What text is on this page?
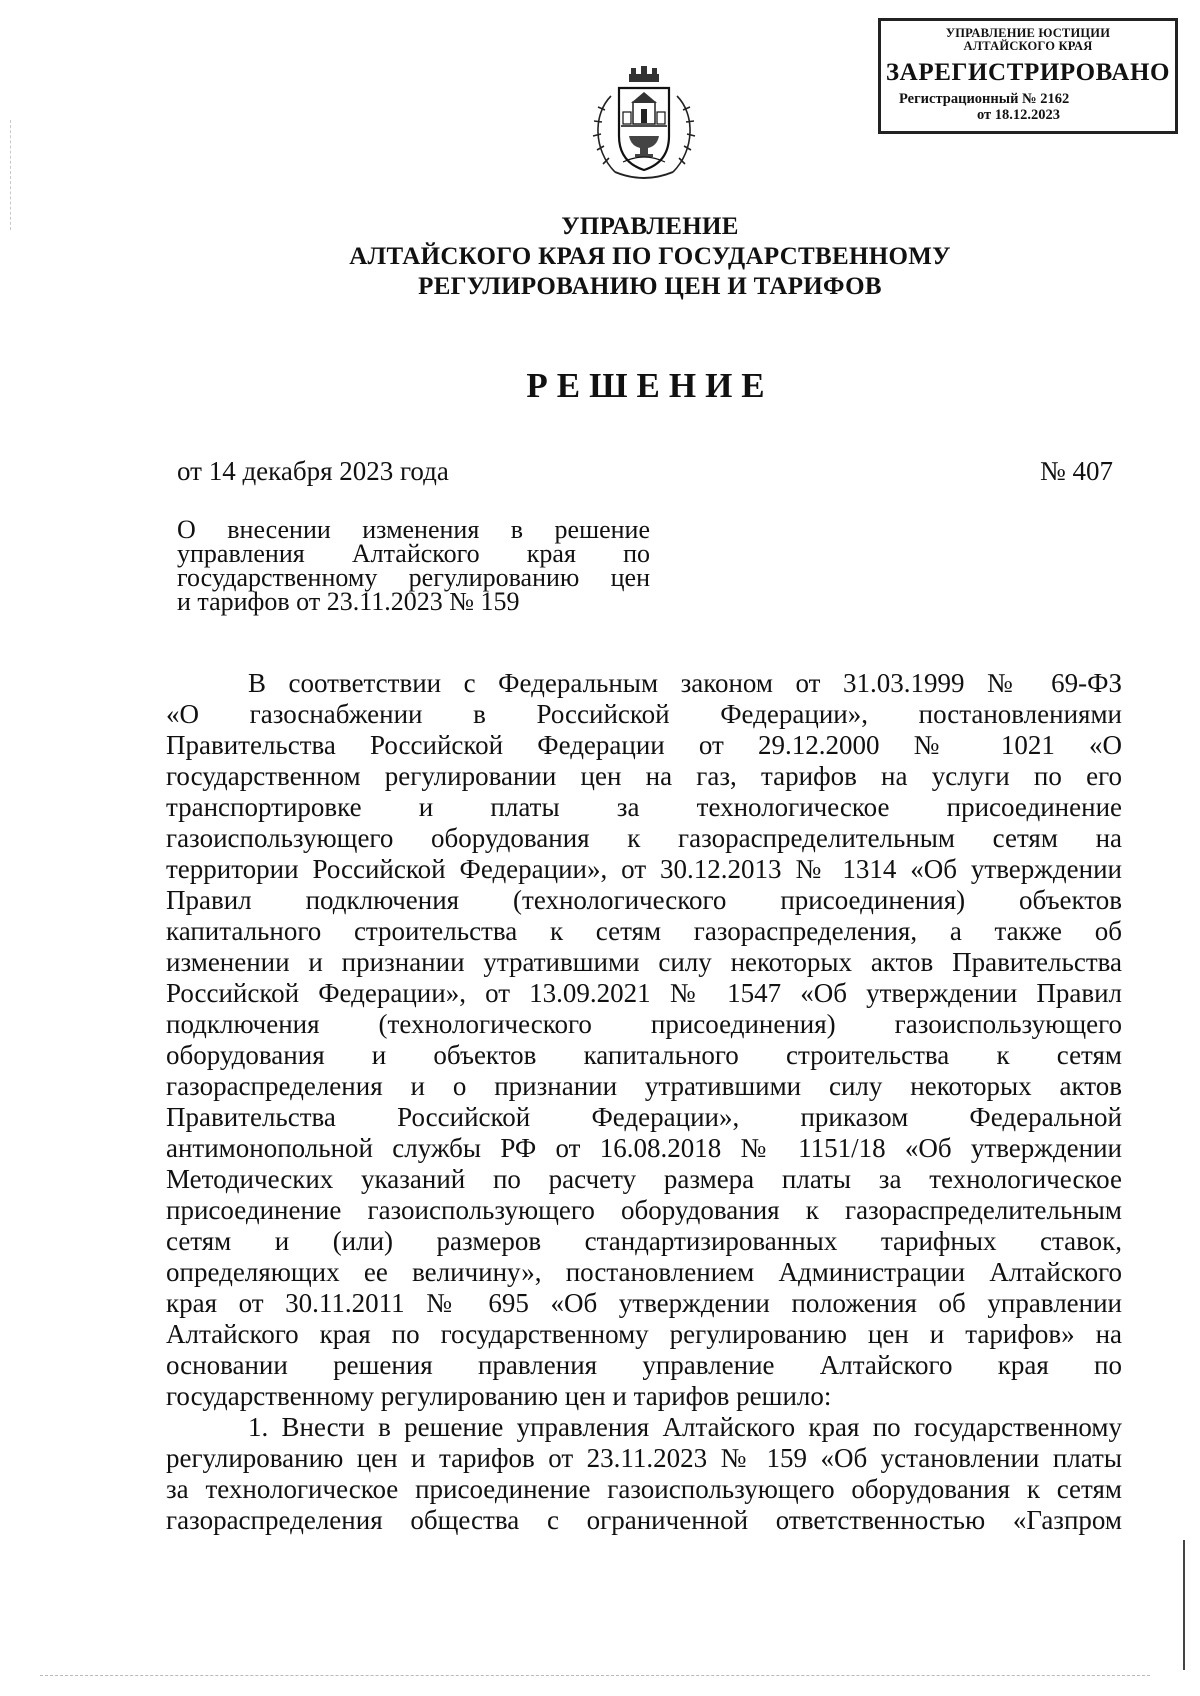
УПРАВЛЕНИЕ ЮСТИЦИИ
АЛТАЙСКОГО КРАЯ
ЗАРЕГИСТРИРОВАНО
Регистрационный № 2162
от 18.12.2023
УПРАВЛЕНИЕ
АЛТАЙСКОГО КРАЯ ПО ГОСУДАРСТВЕННОМУ
РЕГУЛИРОВАНИЮ ЦЕН И ТАРИФОВ
РЕШЕНИЕ
от 14 декабря 2023 года	№ 407
О внесении изменения в решение
управления Алтайского края по
государственному регулированию цен
и тарифов от 23.11.2023 № 159
В соответствии с Федеральным законом от 31.03.1999 № 69-ФЗ
«О газоснабжении в Российской Федерации», постановлениями
Правительства Российской Федерации от 29.12.2000 № 1021 «О
государственном регулировании цен на газ, тарифов на услуги по его
транспортировке и платы за технологическое присоединение
газоиспользующего оборудования к газораспределительным сетям на
территории Российской Федерации», от 30.12.2013 № 1314 «Об утверждении
Правил подключения (технологического присоединения) объектов
капитального строительства к сетям газораспределения, а также об
изменении и признании утратившими силу некоторых актов Правительства
Российской Федерации», от 13.09.2021 № 1547 «Об утверждении Правил
подключения (технологического присоединения) газоиспользующего
оборудования и объектов капитального строительства к сетям
газораспределения и о признании утратившими силу некоторых актов
Правительства Российской Федерации», приказом Федеральной
антимонопольной службы РФ от 16.08.2018 № 1151/18 «Об утверждении
Методических указаний по расчету размера платы за технологическое
присоединение газоиспользующего оборудования к газораспределительным
сетям и (или) размеров стандартизированных тарифных ставок,
определяющих ее величину», постановлением Администрации Алтайского
края от 30.11.2011 № 695 «Об утверждении положения об управлении
Алтайского края по государственному регулированию цен и тарифов» на
основании решения правления управление Алтайского края по
государственному регулированию цен и тарифов решило:
1. Внести в решение управления Алтайского края по государственному
регулированию цен и тарифов от 23.11.2023 № 159 «Об установлении платы
за технологическое присоединение газоиспользующего оборудования к сетям
газораспределения общества с ограниченной ответственностью «Газпром
